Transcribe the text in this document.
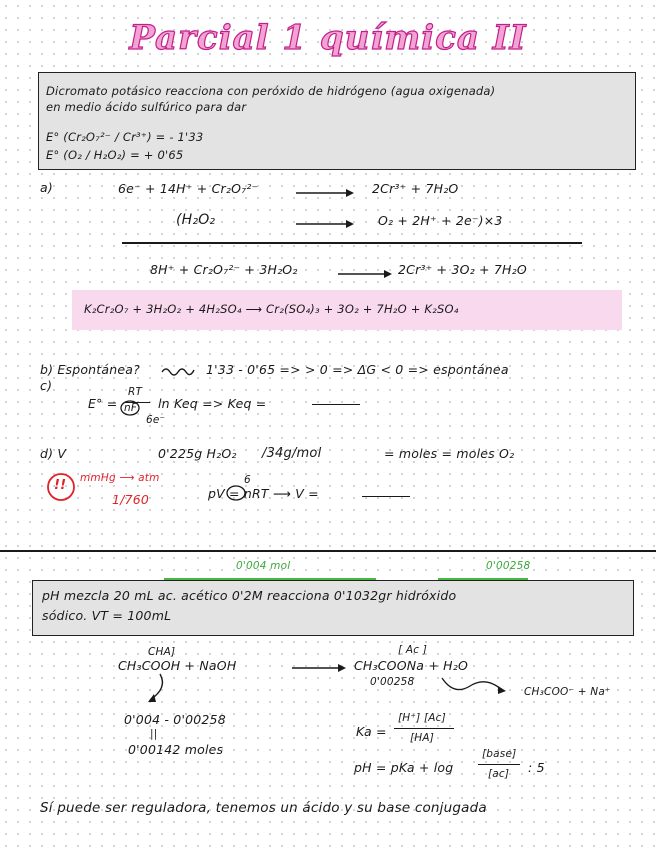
Parcial 1 química II
Dicromato potásico reacciona con peróxido de hidrógeno (agua oxigenada)
en medio ácido sulfúrico para dar
E° (Cr₂O₇²⁻ / Cr³⁺) = - 1'33
E° (O₂ / H₂O₂) = + 0'65
a)	6e⁻ + 14H⁺ + Cr₂O₇²⁻	2Cr³⁺ + 7H₂O
(H₂O₂	O₂ + 2H⁺ + 2e⁻)×3
8H⁺ + Cr₂O₇²⁻ + 3H₂O₂	2Cr³⁺ + 3O₂ + 7H₂O
K₂Cr₂O₇ + 3H₂O₂ + 4H₂SO₄ ⟶ Cr₂(SO₄)₃ + 3O₂ + 7H₂O + K₂SO₄
b) Espontánea?	1'33 - 0'65 => > 0 => ΔG < 0 => espontánea
c)
E° =
RT
nF
6e⁻
ln Keq => Keq =
d) V	0'225g H₂O₂ /34g/mol	= moles = moles O₂
!! mmHg ⟶ atm
1/760
6
pV = nRT ⟶ V =
0'004 mol	0'00258
pH mezcla 20 mL ac. acético 0'2M reacciona 0'1032gr hidróxido
sódico. VT = 100mL
CHA]
CH₃COOH + NaOH
[ Ac ]
CH₃COONa + H₂O
0'00258
CH₃COO⁻ + Na⁺
0'004 - 0'00258
||
0'00142 moles
Ka =
[H⁺] [Ac]
[HA]
pH = pKa + log
[base]
[ac] : 5
Sí puede ser reguladora, tenemos un ácido y su base conjugada
